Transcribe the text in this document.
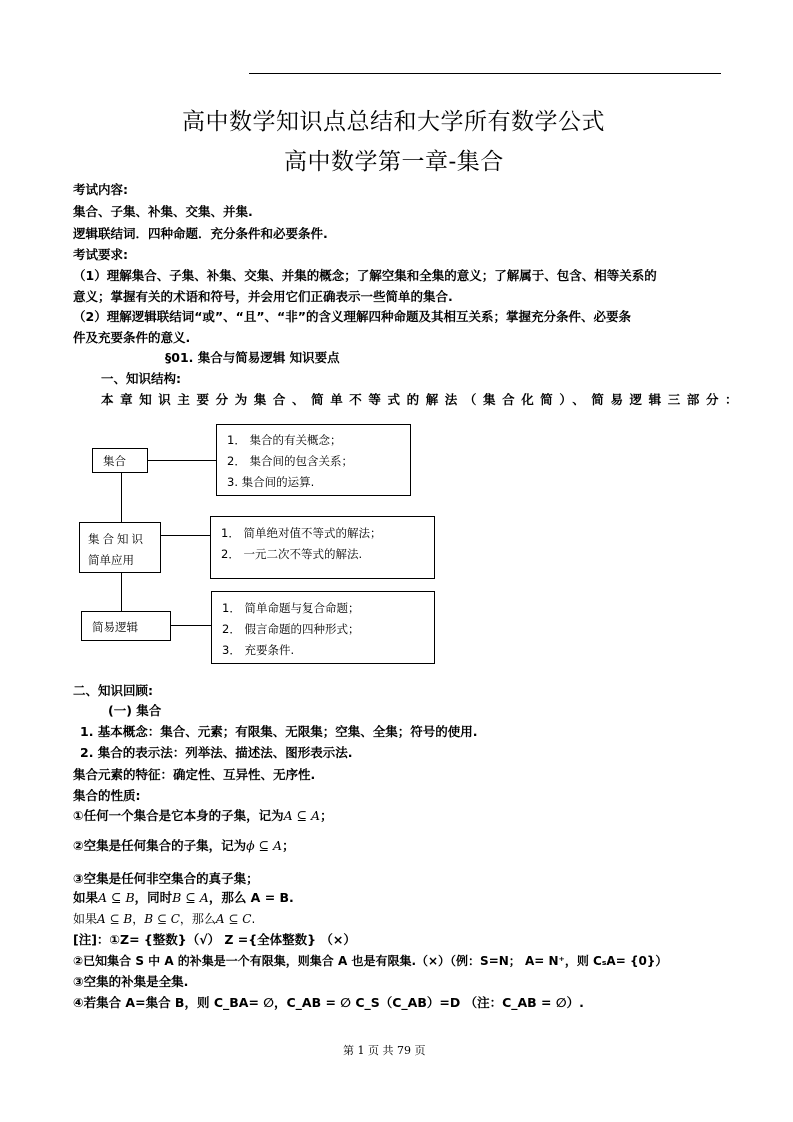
高中数学知识点总结和大学所有数学公式
高中数学第一章-集合
考试内容:
集合、子集、补集、交集、并集.
逻辑联结词．四种命题．充分条件和必要条件.
考试要求:
（1）理解集合、子集、补集、交集、并集的概念；了解空集和全集的意义；了解属于、包含、相等关系的
意义；掌握有关的术语和符号，并会用它们正确表示一些简单的集合.
（2）理解逻辑联结词“或”、“且”、“非”的含义理解四种命题及其相互关系；掌握充分条件、必要条
件及充要条件的意义.
§01. 集合与简易逻辑 知识要点
一、知识结构:
本章知识主要分为集合、简单不等式的解法（集合化简）、简易逻辑三部分：
集合
集合知识
简单应用
简易逻辑
1． 集合的有关概念；
2． 集合间的包含关系；
3. 集合间的运算.
1． 简单绝对值不等式的解法；
2． 一元二次不等式的解法.
1． 简单命题与复合命题；
2． 假言命题的四种形式；
3． 充要条件.
二、知识回顾:
(一) 集合
1. 基本概念：集合、元素；有限集、无限集；空集、全集；符号的使用.
2. 集合的表示法：列举法、描述法、图形表示法.
集合元素的特征：确定性、互异性、无序性.
集合的性质:
①任何一个集合是它本身的子集，记为A ⊆ A；
②空集是任何集合的子集，记为ϕ ⊆ A；
③空集是任何非空集合的真子集；
如果A ⊆ B，同时B ⊆ A，那么 A = B.
如果A ⊆ B，B ⊆ C，那么A ⊆ C.
[注]：①Z= {整数}（√） Z ={全体整数} （×）
②已知集合 S 中 A 的补集是一个有限集，则集合 A 也是有限集.（×）（例：S=N； A= N⁺，则 CₛA= {0}）
③空集的补集是全集.
④若集合 A=集合 B，则 C_BA= ∅，C_AB = ∅ C_S（C_AB）=D （注：C_AB = ∅）.
第 1 页 共 79 页
